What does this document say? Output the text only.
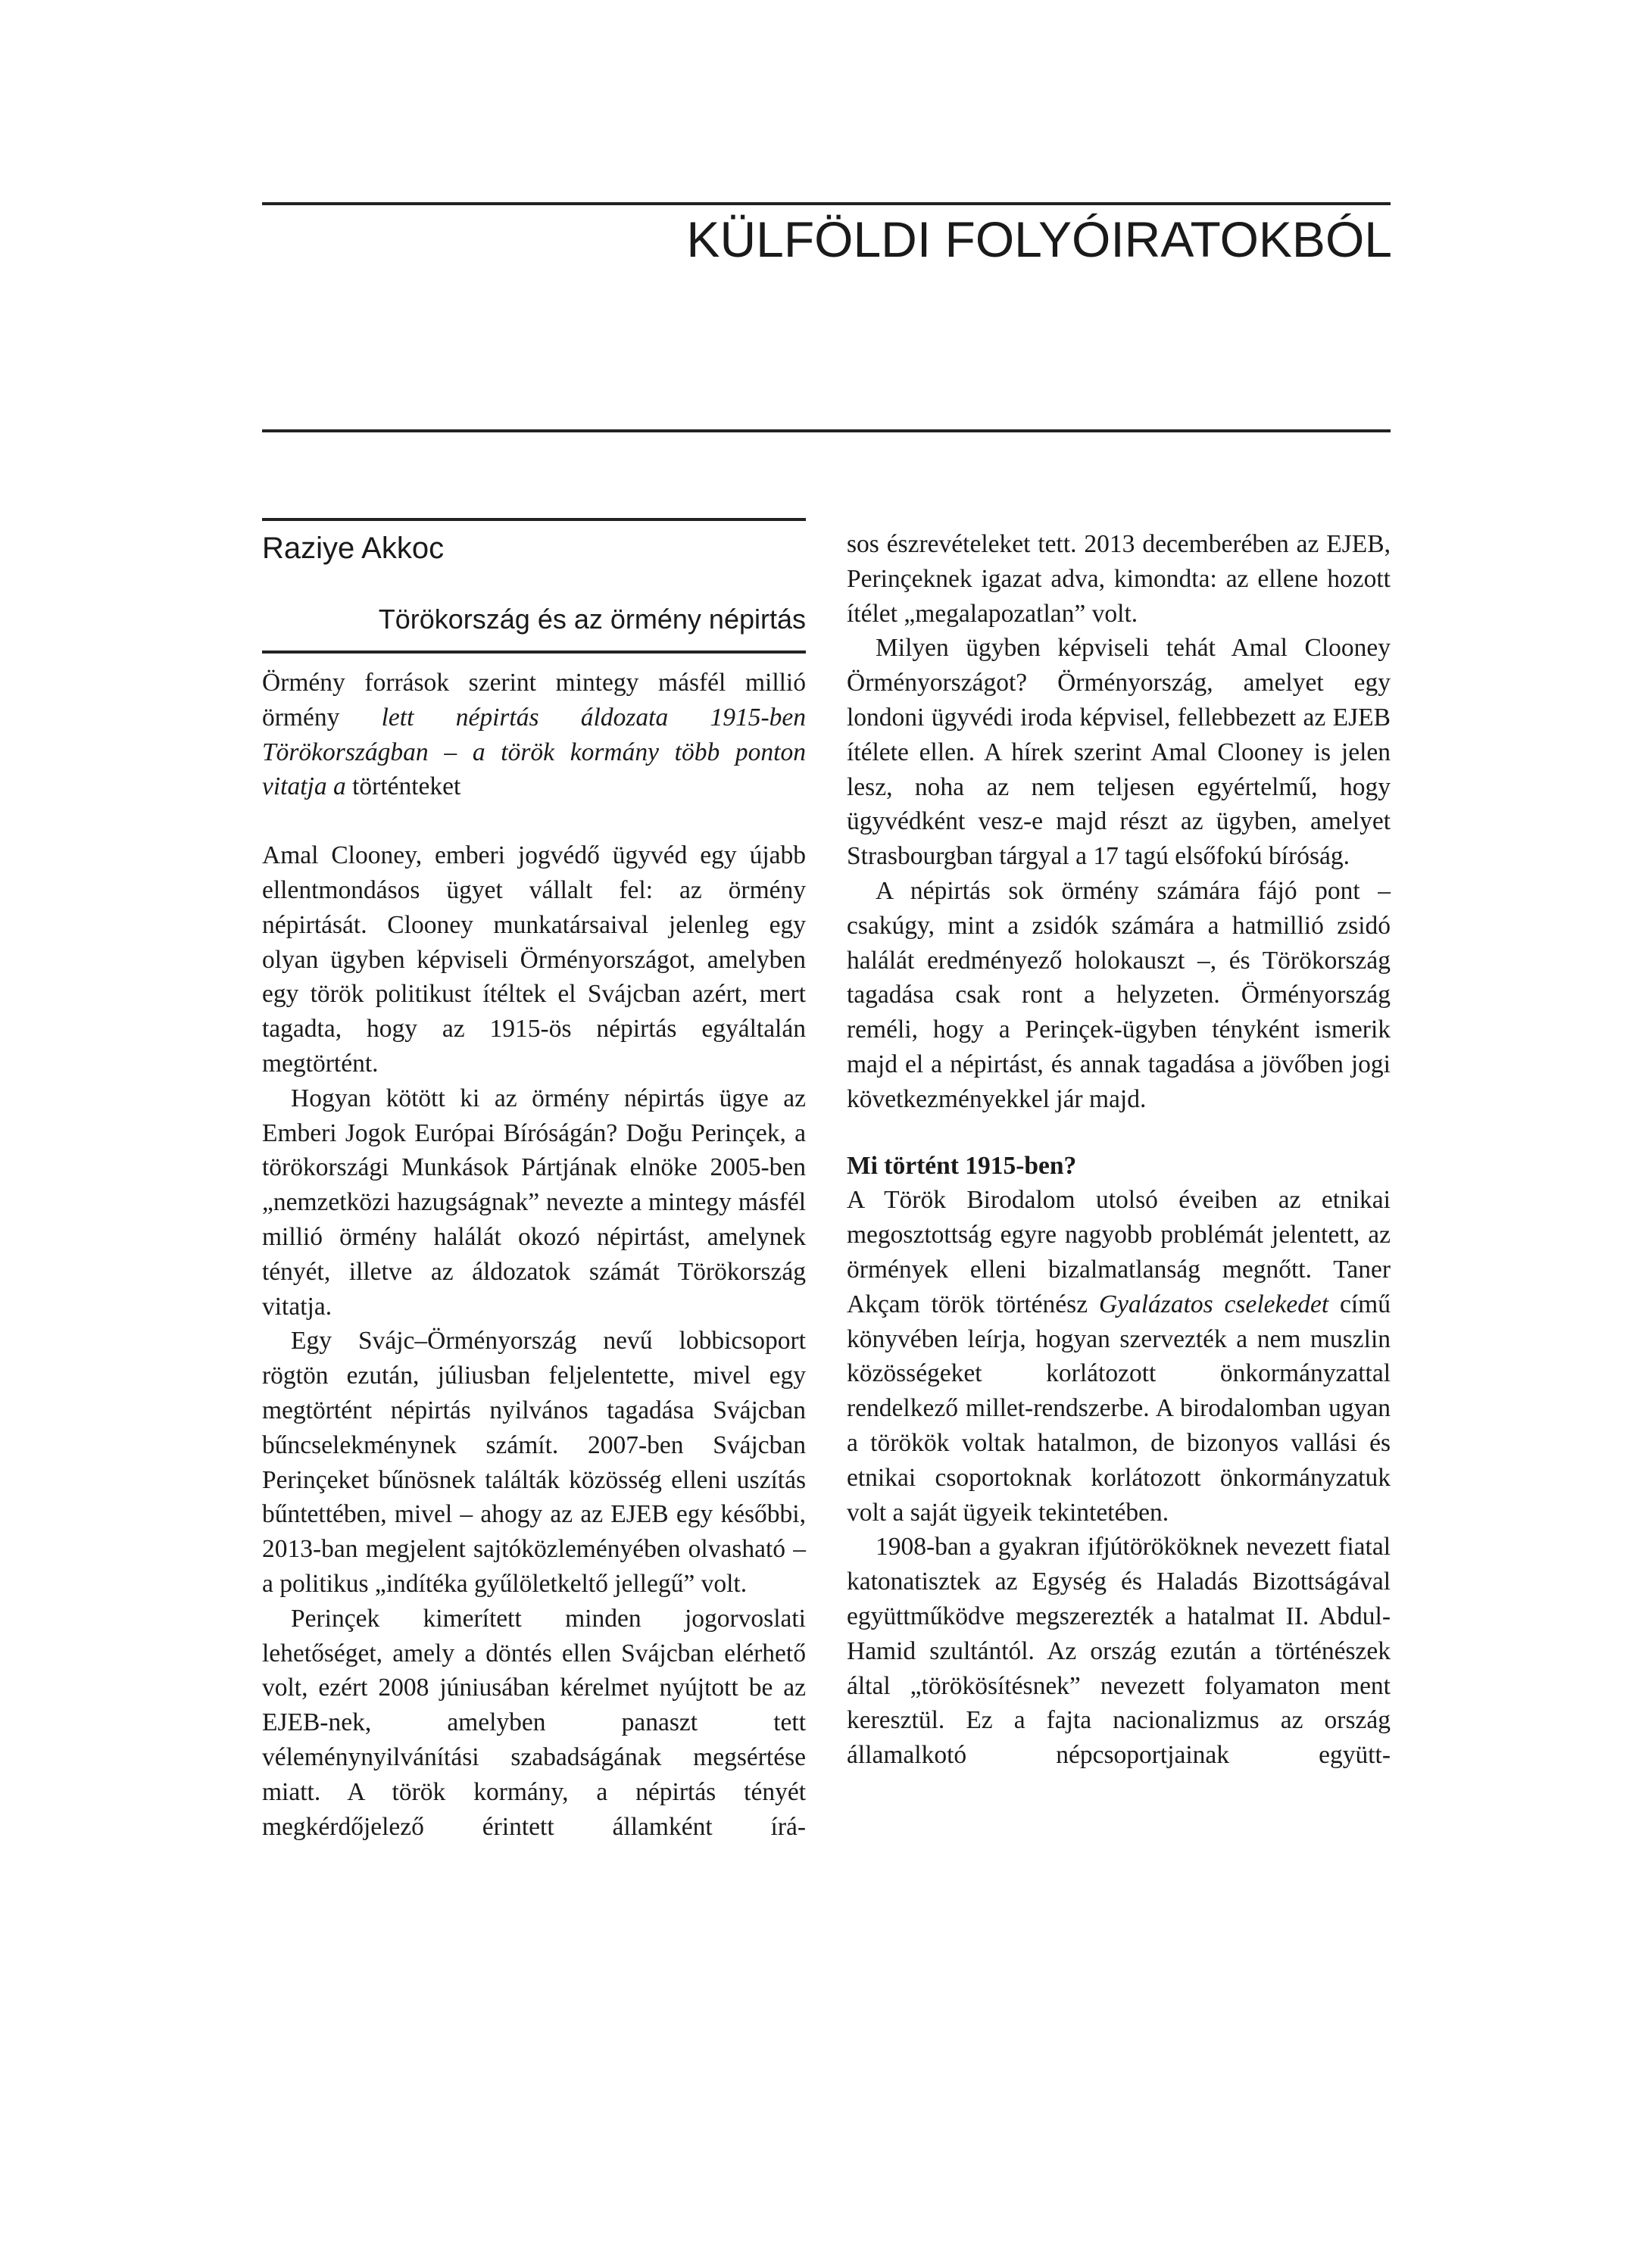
KÜLFÖLDI FOLYÓIRATOKBÓL
Raziye Akkoc
Törökország és az örmény népirtás

Örmény források szerint mintegy másfél millió örmény lett népirtás áldozata 1915-ben Törökországban – a török kormány több ponton vitatja a történteket

Amal Clooney, emberi jogvédő ügyvéd egy újabb ellentmondásos ügyet vállalt fel: az örmény népirtását. Clooney munkatársaival jelenleg egy olyan ügyben képviseli Örményországot, amelyben egy török politikust ítéltek el Svájcban azért, mert tagadta, hogy az 1915-ös népirtás egyáltalán megtörtént.

Hogyan kötött ki az örmény népirtás ügye az Emberi Jogok Európai Bíróságán? Doğu Perinçek, a törökországi Munkások Pártjának elnöke 2005-ben „nemzetközi hazugságnak” nevezte a mintegy másfél millió örmény halálát okozó népirtást, amelynek tényét, illetve az áldozatok számát Törökország vitatja.

Egy Svájc–Örményország nevű lobbicsoport rögtön ezután, júliusban feljelentette, mivel egy megtörtént népirtás nyilvános tagadása Svájcban bűncselekménynek számít. 2007-ben Svájcban Perinçeket bűnösnek találták közösség elleni uszítás bűntettében, mivel – ahogy az az EJEB egy későbbi, 2013-ban megjelent sajtóközleményében olvasható – a politikus „indítéka gyűlöletkeltő jellegű” volt.

Perinçek kimerített minden jogorvoslati lehetőséget, amely a döntés ellen Svájcban elérhető volt, ezért 2008 júniusában kérelmet nyújtott be az EJEB-nek, amelyben panaszt tett véleménynyilvánítási szabadságának megsértése miatt. A török kormány, a népirtás tényét megkérdőjelező érintett államként írá-

sos észrevételeket tett. 2013 decemberében az EJEB, Perinçeknek igazat adva, kimondta: az ellene hozott ítélet „megalapozatlan” volt.

Milyen ügyben képviseli tehát Amal Clooney Örményországot? Örményország, amelyet egy londoni ügyvédi iroda képvisel, fellebbezett az EJEB ítélete ellen. A hírek szerint Amal Clooney is jelen lesz, noha az nem teljesen egyértelmű, hogy ügyvédként vesz-e majd részt az ügyben, amelyet Strasbourgban tárgyal a 17 tagú elsőfokú bíróság.

A népirtás sok örmény számára fájó pont – csakúgy, mint a zsidók számára a hatmillió zsidó halálát eredményező holokauszt –, és Törökország tagadása csak ront a helyzeten. Örményország reméli, hogy a Perinçek-ügyben tényként ismerik majd el a népirtást, és annak tagadása a jövőben jogi következményekkel jár majd.

Mi történt 1915-ben?

A Török Birodalom utolsó éveiben az etnikai megosztottság egyre nagyobb problémát jelentett, az örmények elleni bizalmatlanság megnőtt. Taner Akçam török történész Gyalázatos cselekedet című könyvében leírja, hogyan szervezték a nem muszlin közösségeket korlátozott önkormányzattal rendelkező millet-rendszerbe. A birodalomban ugyan a törökök voltak hatalmon, de bizonyos vallási és etnikai csoportoknak korlátozott önkormányzatuk volt a saját ügyeik tekintetében.

1908-ban a gyakran ifjútörököknek nevezett fiatal katonatisztek az Egység és Haladás Bizottságával együttműködve megszerezték a hatalmat II. Abdul-Hamid szultántól. Az ország ezután a történészek által „törökösítésnek” nevezett folyamaton ment keresztül. Ez a fajta nacionalizmus az ország államalkotó népcsoportjainak együtt-
